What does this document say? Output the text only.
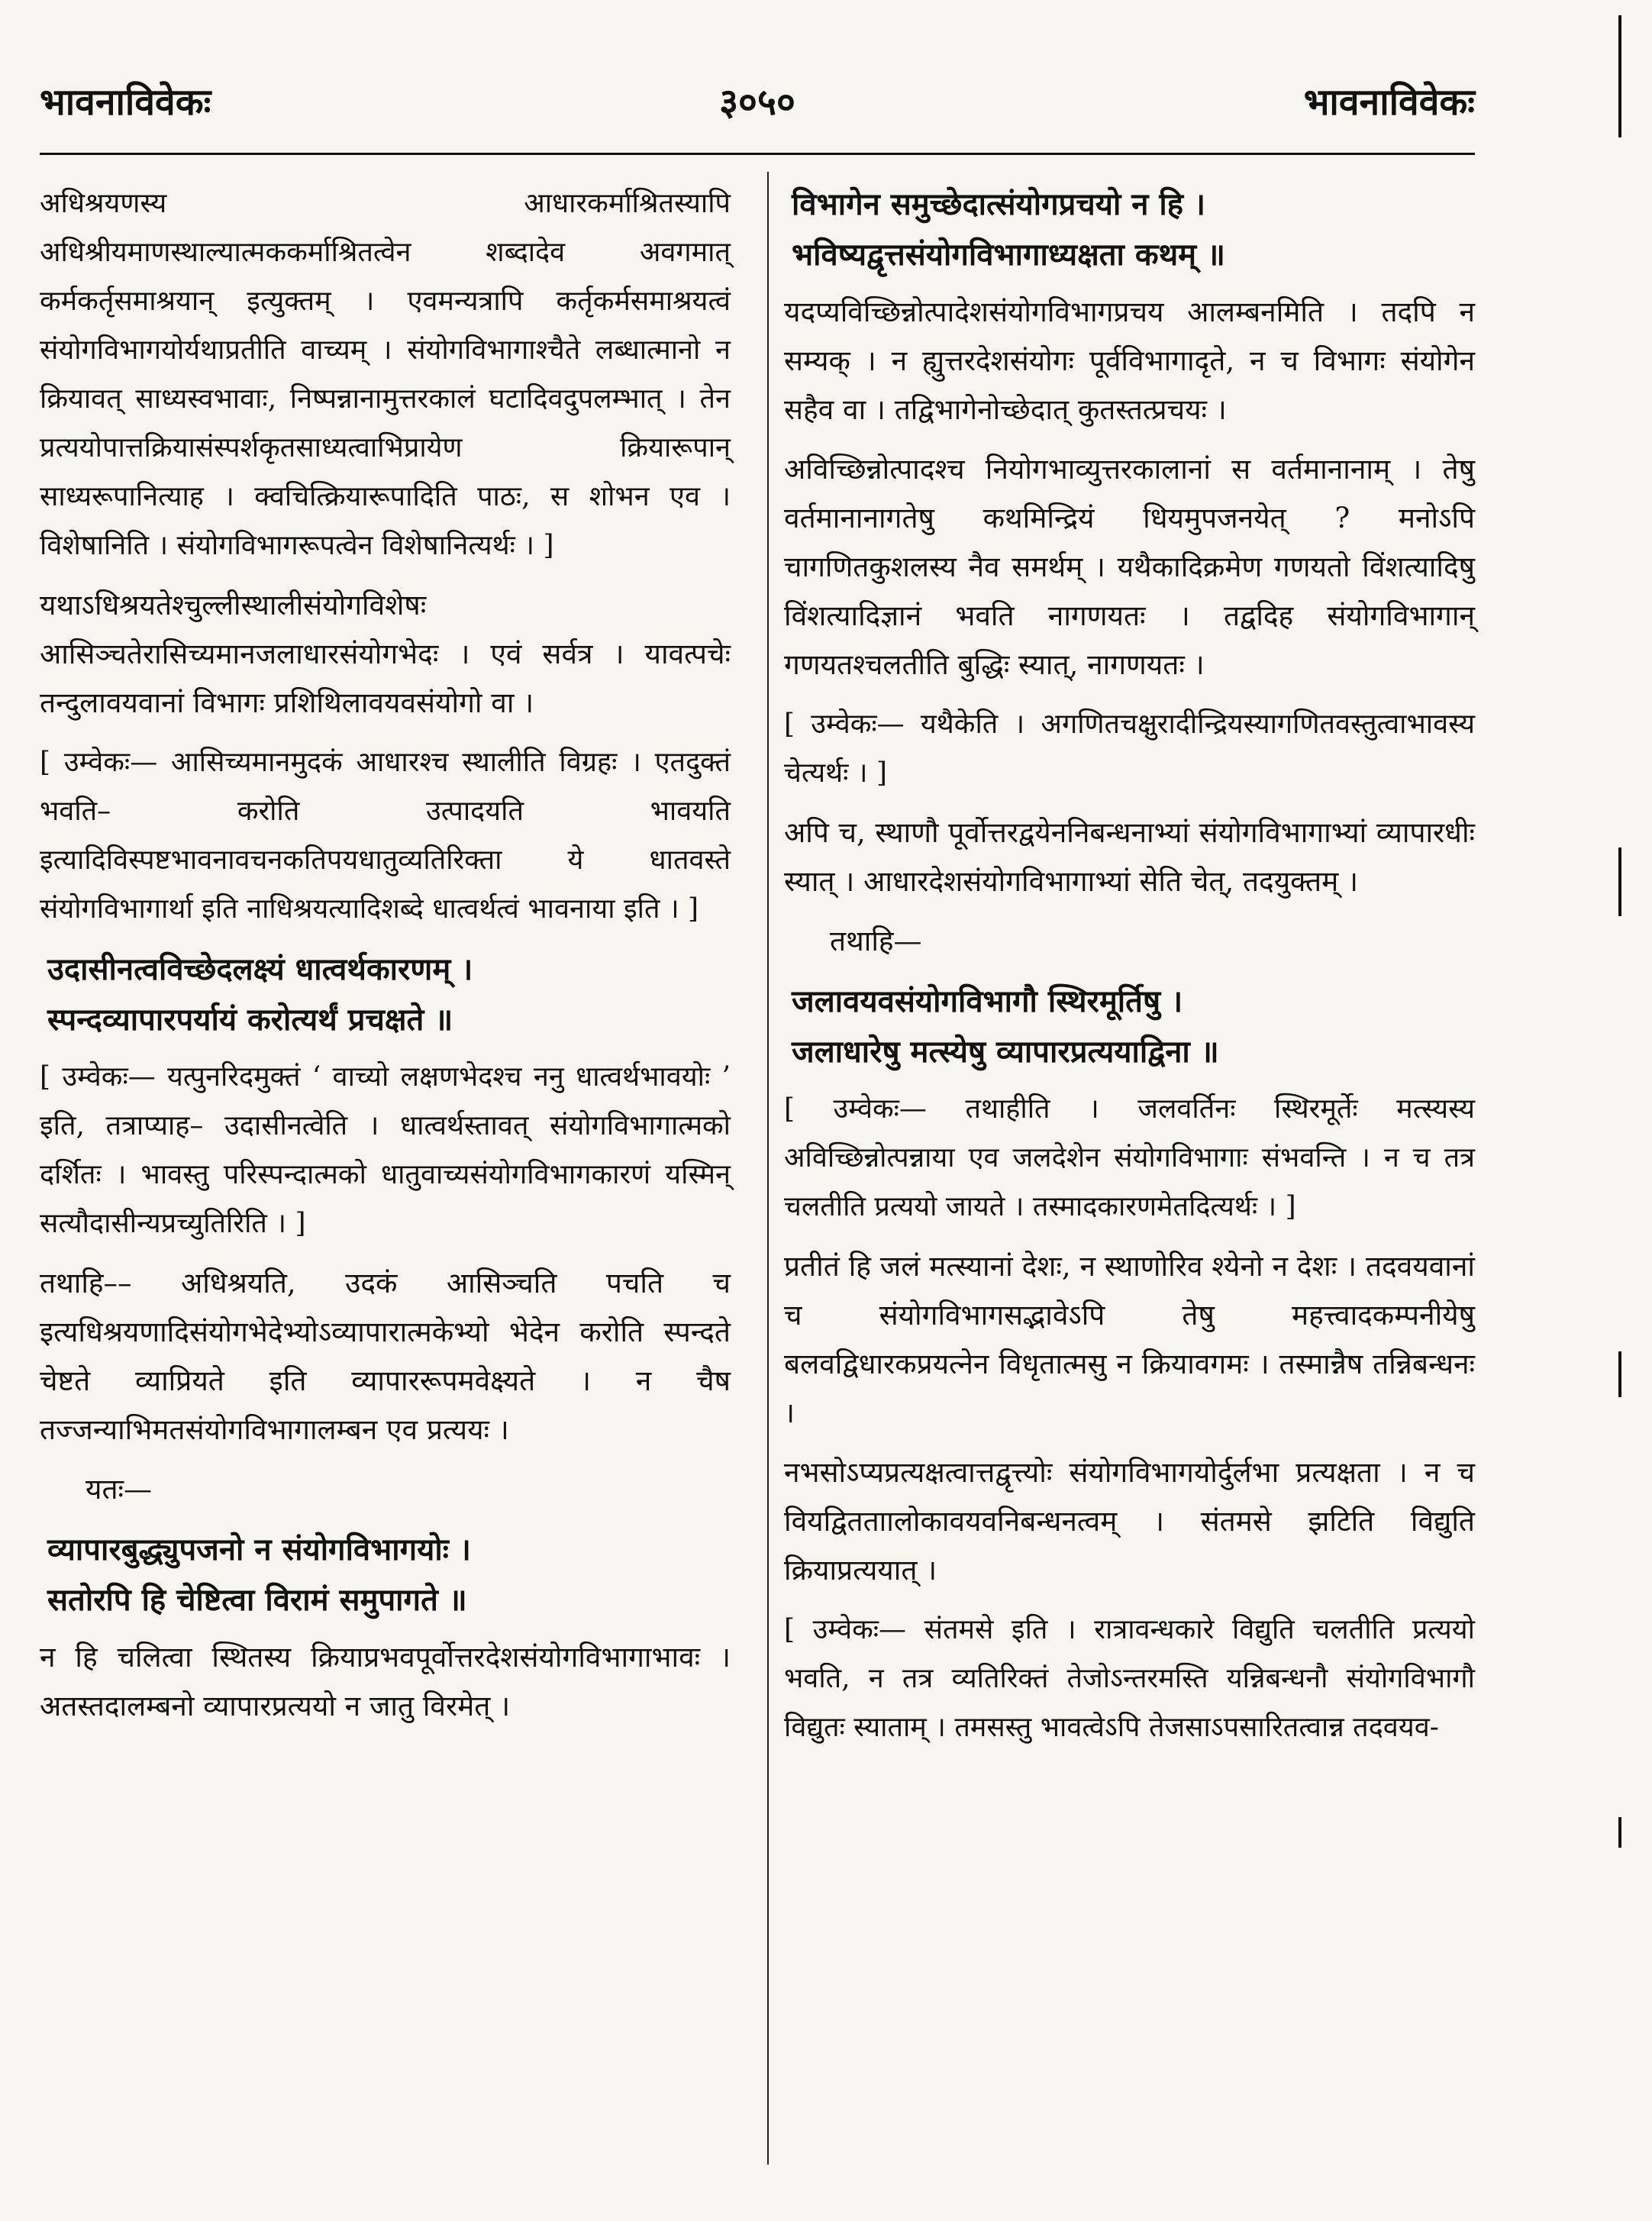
भावनाविवेकः	३०५०	भावनाविवेकः

अधिश्रयणस्य आधारकर्माश्रितस्यापि अधिश्रीयमाणस्थाल्यात्मककर्माश्रितत्वेन शब्दादेव अवगमात् कर्मकर्तृसमाश्रयान् इत्युक्तम् । एवमन्यत्रापि कर्तृकर्मसमाश्रयत्वं संयोगविभागयोर्यथाप्रतीति वाच्यम् । संयोगविभागाश्चैते लब्धात्मानो न क्रियावत् साध्यस्वभावाः, निष्पन्नानामुत्तरकालं घटादिवदुपलम्भात् । तेन प्रत्ययोपात्तक्रियासंस्पर्शकृतसाध्यत्वाभिप्रायेण क्रियारूपान् साध्यरूपानित्याह । क्वचित्क्रियारूपादिति पाठः, स शोभन एव । विशेषानिति । संयोगविभागरूपत्वेन विशेषानित्यर्थः । ]

यथाऽधिश्रयतेश्चुल्लीस्थालीसंयोगविशेषः आसिञ्चतेरासिच्यमानजलाधारसंयोगभेदः । एवं सर्वत्र । यावत्पचेः तन्दुलावयवानां विभागः प्रशिथिलावयवसंयोगो वा ।

[ उम्वेकः— आसिच्यमानमुदकं आधारश्च स्थालीति विग्रहः । एतदुक्तं भवति– करोति उत्पादयति भावयति इत्यादिविस्पष्टभावनावचनकतिपयधातुव्यतिरिक्ता ये धातवस्ते संयोगविभागार्था इति नाधिश्रयत्यादिशब्दे धात्वर्थत्वं भावनाया इति । ]

उदासीनत्वविच्छेदलक्ष्यं धात्वर्थकारणम् ।
स्पन्दव्यापारपर्यायं करोत्यर्थं प्रचक्षते ॥

[ उम्वेकः— यत्पुनरिदमुक्तं ‘ वाच्यो लक्षणभेदश्च ननु धात्वर्थभावयोः ’ इति, तत्राप्याह– उदासीनत्वेति । धात्वर्थस्तावत् संयोगविभागात्मको दर्शितः । भावस्तु परिस्पन्दात्मको धातुवाच्यसंयोगविभागकारणं यस्मिन् सत्यौदासीन्यप्रच्युतिरिति । ]

तथाहि–– अधिश्रयति, उदकं आसिञ्चति पचति च इत्यधिश्रयणादिसंयोगभेदेभ्योऽव्यापारात्मकेभ्यो भेदेन करोति स्पन्दते चेष्टते व्याप्रियते इति व्यापाररूपमवेक्ष्यते । न चैष तज्जन्याभिमतसंयोगविभागालम्बन एव प्रत्ययः ।

यतः—

व्यापारबुद्ध्युपजनो न संयोगविभागयोः ।
सतोरपि हि चेष्टित्वा विरामं समुपागते ॥

न हि चलित्वा स्थितस्य क्रियाप्रभवपूर्वोत्तरदेशसंयोगविभागाभावः । अतस्तदालम्बनो व्यापारप्रत्ययो न जातु विरमेत् ।

विभागेन समुच्छेदात्संयोगप्रचयो न हि ।
भविष्यद्वृत्तसंयोगविभागाध्यक्षता कथम् ॥

यदप्यविच्छिन्नोत्पादेशसंयोगविभागप्रचय आलम्बनमिति । तदपि न सम्यक् । न ह्युत्तरदेशसंयोगः पूर्वविभागादृते, न च विभागः संयोगेन सहैव वा । तद्विभागेनोच्छेदात् कुतस्तत्प्रचयः ।

अविच्छिन्नोत्पादश्च नियोगभाव्युत्तरकालानां स वर्तमानानाम् । तेषु वर्तमानानागतेषु कथमिन्द्रियं धियमुपजनयेत् ? मनोऽपि चागणितकुशलस्य नैव समर्थम् । यथैकादिक्रमेण गणयतो विंशत्यादिषु विंशत्यादिज्ञानं भवति नागणयतः । तद्वदिह संयोगविभागान् गणयतश्चलतीति बुद्धिः स्यात्, नागणयतः ।

[ उम्वेकः— यथैकेति । अगणितचक्षुरादीन्द्रियस्यागणितवस्तुत्वाभावस्य चेत्यर्थः । ]

अपि च, स्थाणौ पूर्वोत्तरद्वयेननिबन्धनाभ्यां संयोगविभागाभ्यां व्यापारधीः स्यात् । आधारदेशसंयोगविभागाभ्यां सेति चेत्, तदयुक्तम् ।

तथाहि—

जलावयवसंयोगविभागौ स्थिरमूर्तिषु ।
जलाधारेषु मत्स्येषु व्यापारप्रत्ययाद्विना ॥

[ उम्वेकः— तथाहीति । जलवर्तिनः स्थिरमूर्तेः मत्स्यस्य अविच्छिन्नोत्पन्नाया एव जलदेशेन संयोगविभागाः संभवन्ति । न च तत्र चलतीति प्रत्ययो जायते । तस्मादकारणमेतदित्यर्थः । ]

प्रतीतं हि जलं मत्स्यानां देशः, न स्थाणोरिव श्येनो न देशः । तदवयवानां च संयोगविभागसद्भावेऽपि तेषु महत्त्वादकम्पनीयेषु बलवद्विधारकप्रयत्नेन विधृतात्मसु न क्रियावगमः । तस्मान्नैष तन्निबन्धनः ।

नभसोऽप्यप्रत्यक्षत्वात्तद्वृत्त्योः संयोगविभागयोर्दुर्लभा प्रत्यक्षता । न च वियद्वितताालोकावयवनिबन्धनत्वम् । संतमसे झटिति विद्युति क्रियाप्रत्ययात् ।

[ उम्वेकः— संतमसे इति । रात्रावन्धकारे विद्युति चलतीति प्रत्ययो भवति, न तत्र व्यतिरिक्तं तेजोऽन्तरमस्ति यन्निबन्धनौ संयोगविभागौ विद्युतः स्याताम् । तमसस्तु भावत्वेऽपि तेजसाऽपसारितत्वान्न तदवयव-
